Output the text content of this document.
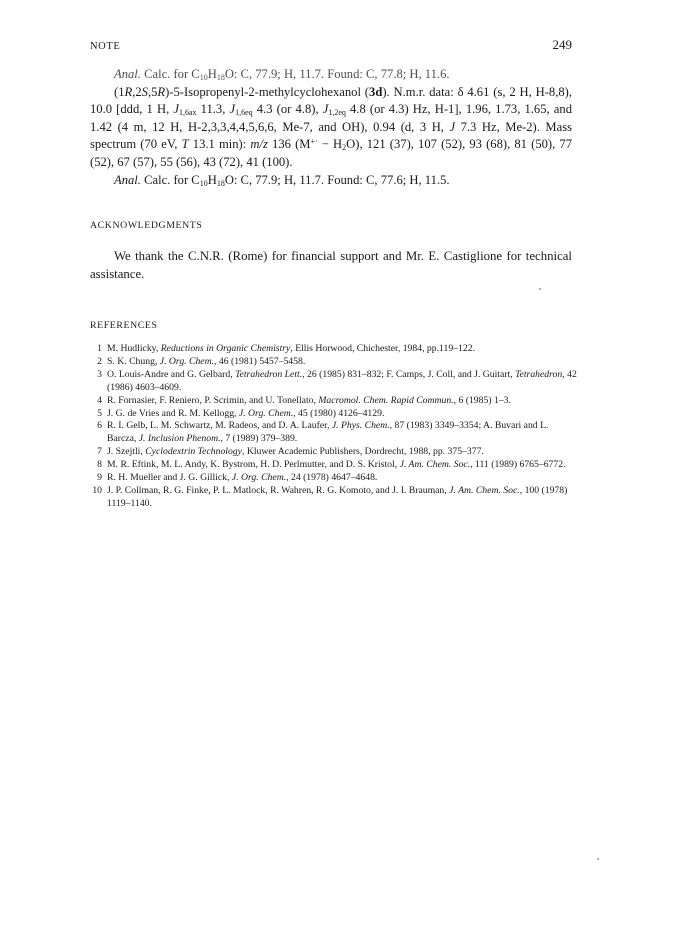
NOTE	249

Anal. Calc. for $C_{10}H_{18}O$: C, 77.9; H, 11.7. Found: C, 77.8; H, 11.6.

(1R,2S,5R)-5-Isopropenyl-2-methylcyclohexanol (3d). N.m.r. data: δ 4.61 (s, 2 H, H-8,8), 10.0 [ddd, 1 H, $J_{1,6ax}$ 11.3, $J_{1,6eq}$ 4.3 (or 4.8), $J_{1,2eq}$ 4.8 (or 4.3) Hz, H-1], 1.96, 1.73, 1.65, and 1.42 (4 m, 12 H, H-2,3,3,4,4,5,6,6, Me-7, and OH), 0.94 (d, 3 H, J 7.3 Hz, Me-2). Mass spectrum (70 eV, T 13.1 min): m/z 136 $(M^{+\cdot} - H_2O)$, 121 (37), 107 (52), 93 (68), 81 (50), 77 (52), 67 (57), 55 (56), 43 (72), 41 (100).

Anal. Calc. for $C_{10}H_{18}O$: C, 77.9; H, 11.7. Found: C, 77.6; H, 11.5.

ACKNOWLEDGMENTS

We thank the C.N.R. (Rome) for financial support and Mr. E. Castiglione for technical assistance.

REFERENCES
1 M. Hudlicky, Reductions in Organic Chemistry, Ellis Horwood, Chichester, 1984, pp.119–122.
2 S. K. Chung, J. Org. Chem., 46 (1981) 5457–5458.
3 O. Louis-Andre and G. Gelbard, Tetrahedron Lett., 26 (1985) 831–832; F. Camps, J. Coll, and J. Guitart, Tetrahedron, 42 (1986) 4603–4609.
4 R. Fornasier, F. Reniero, P. Scrimin, and U. Tonellato, Macromol. Chem. Rapid Commun., 6 (1985) 1–3.
5 J. G. de Vries and R. M. Kellogg, J. Org. Chem., 45 (1980) 4126–4129.
6 R. I. Gelb, L. M. Schwartz, M. Radeos, and D. A. Laufer, J. Phys. Chem., 87 (1983) 3349–3354; A. Buvari and L. Barcza, J. Inclusion Phenom., 7 (1989) 379–389.
7 J. Szejtli, Cyclodextrin Technology, Kluwer Academic Publishers, Dordrecht, 1988, pp. 375–377.
8 M. R. Eftink, M. L. Andy, K. Bystrom, H. D. Perlmutter, and D. S. Kristol, J. Am. Chem. Soc., 111 (1989) 6765–6772.
9 R. H. Mueller and J. G. Gillick, J. Org. Chem., 24 (1978) 4647–4648.
10 J. P. Collman, R. G. Finke, P. L. Matlock, R. Wahren, R. G. Komoto, and J. I. Brauman, J. Am. Chem. Soc., 100 (1978) 1119–1140.
